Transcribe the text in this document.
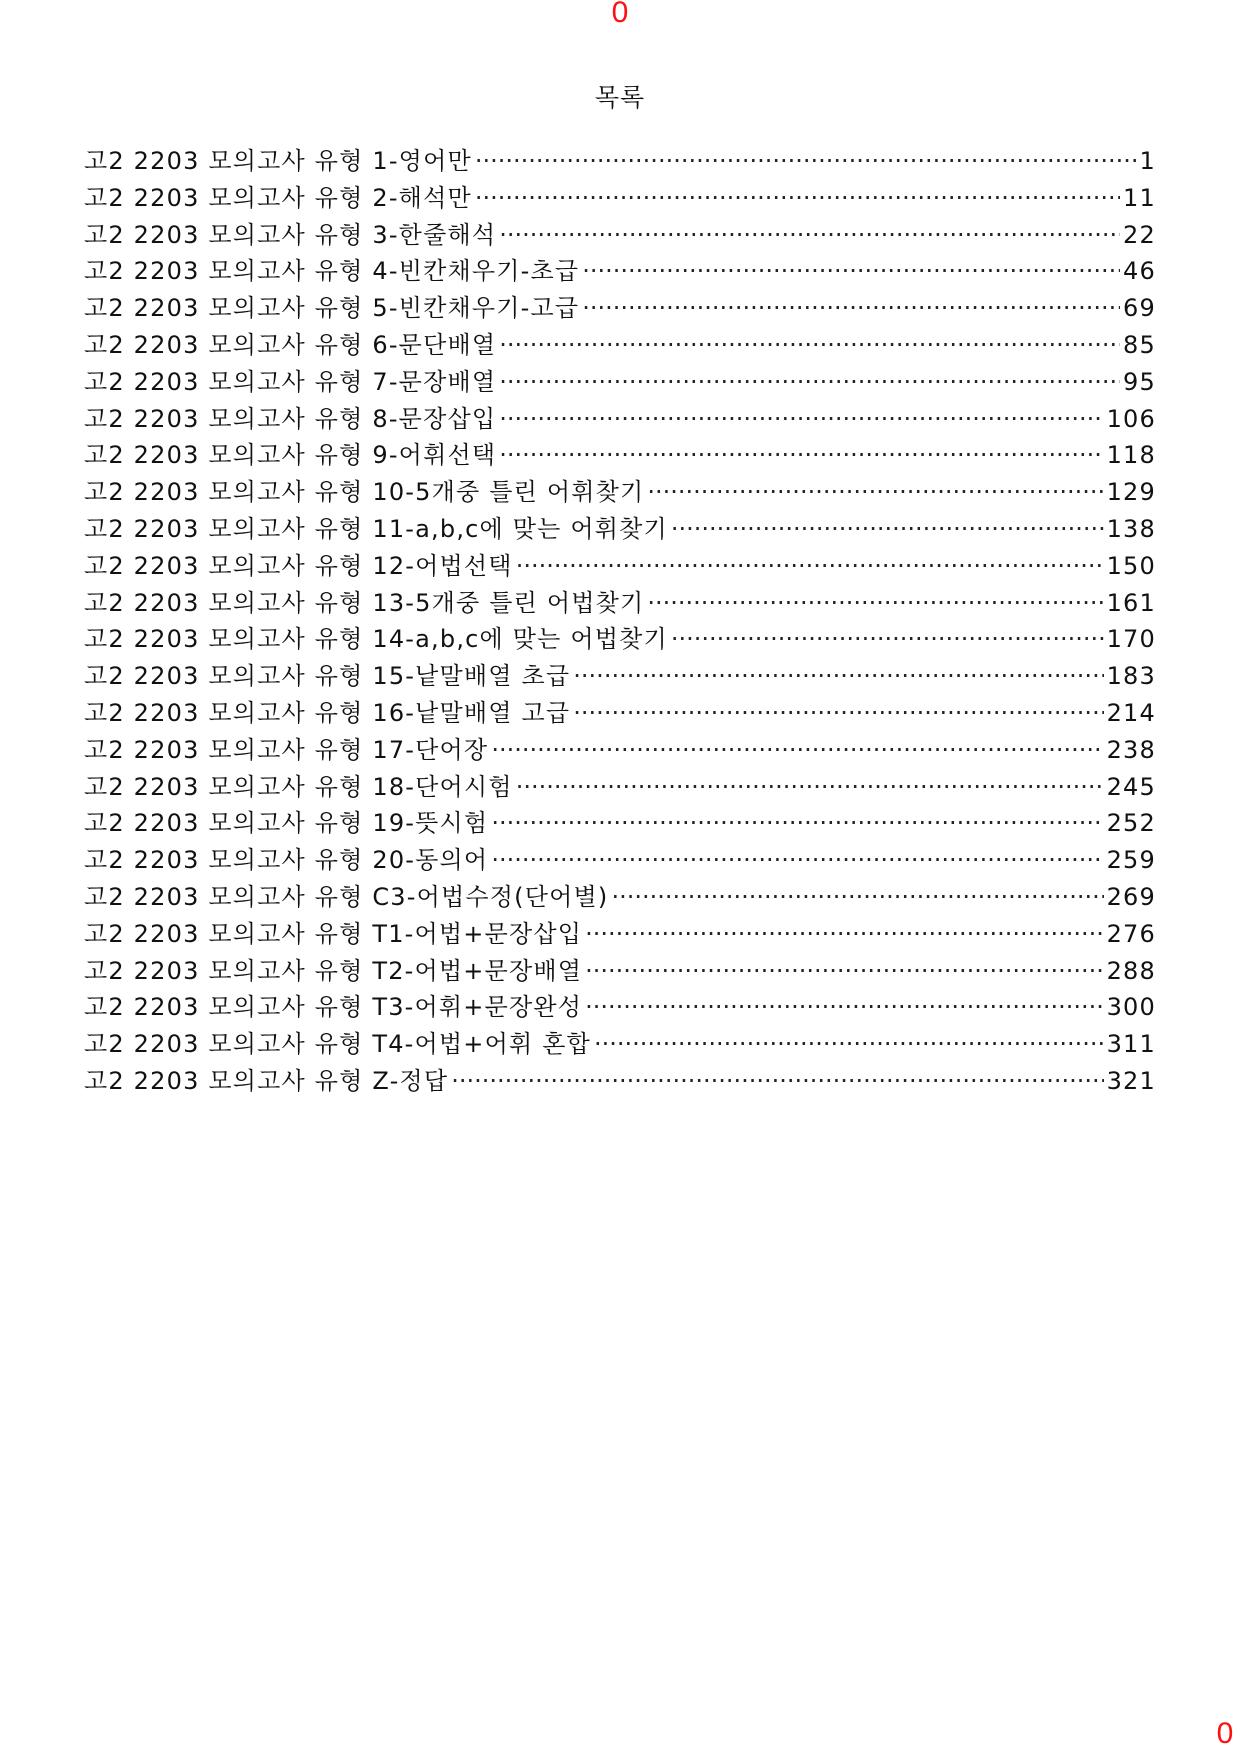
0
목록
고2 2203 모의고사 유형 1-영어만 ·····	1
고2 2203 모의고사 유형 2-해석만 ·····	11
고2 2203 모의고사 유형 3-한줄해석 ·····	22
고2 2203 모의고사 유형 4-빈칸채우기-초급 ·····	46
고2 2203 모의고사 유형 5-빈칸채우기-고급 ·····	69
고2 2203 모의고사 유형 6-문단배열 ·····	85
고2 2203 모의고사 유형 7-문장배열 ·····	95
고2 2203 모의고사 유형 8-문장삽입 ·····	106
고2 2203 모의고사 유형 9-어휘선택 ·····	118
고2 2203 모의고사 유형 10-5개중 틀린 어휘찾기 ·····	129
고2 2203 모의고사 유형 11-a,b,c에 맞는 어휘찾기 ·····	138
고2 2203 모의고사 유형 12-어법선택 ·····	150
고2 2203 모의고사 유형 13-5개중 틀린 어법찾기 ·····	161
고2 2203 모의고사 유형 14-a,b,c에 맞는 어법찾기 ·····	170
고2 2203 모의고사 유형 15-낱말배열 초급 ·····	183
고2 2203 모의고사 유형 16-낱말배열 고급 ·····	214
고2 2203 모의고사 유형 17-단어장 ·····	238
고2 2203 모의고사 유형 18-단어시험 ·····	245
고2 2203 모의고사 유형 19-뜻시험 ·····	252
고2 2203 모의고사 유형 20-동의어 ·····	259
고2 2203 모의고사 유형 C3-어법수정(단어별) ·····	269
고2 2203 모의고사 유형 T1-어법+문장삽입 ·····	276
고2 2203 모의고사 유형 T2-어법+문장배열 ·····	288
고2 2203 모의고사 유형 T3-어휘+문장완성 ·····	300
고2 2203 모의고사 유형 T4-어법+어휘 혼합 ·····	311
고2 2203 모의고사 유형 Z-정답 ·····	321
0
